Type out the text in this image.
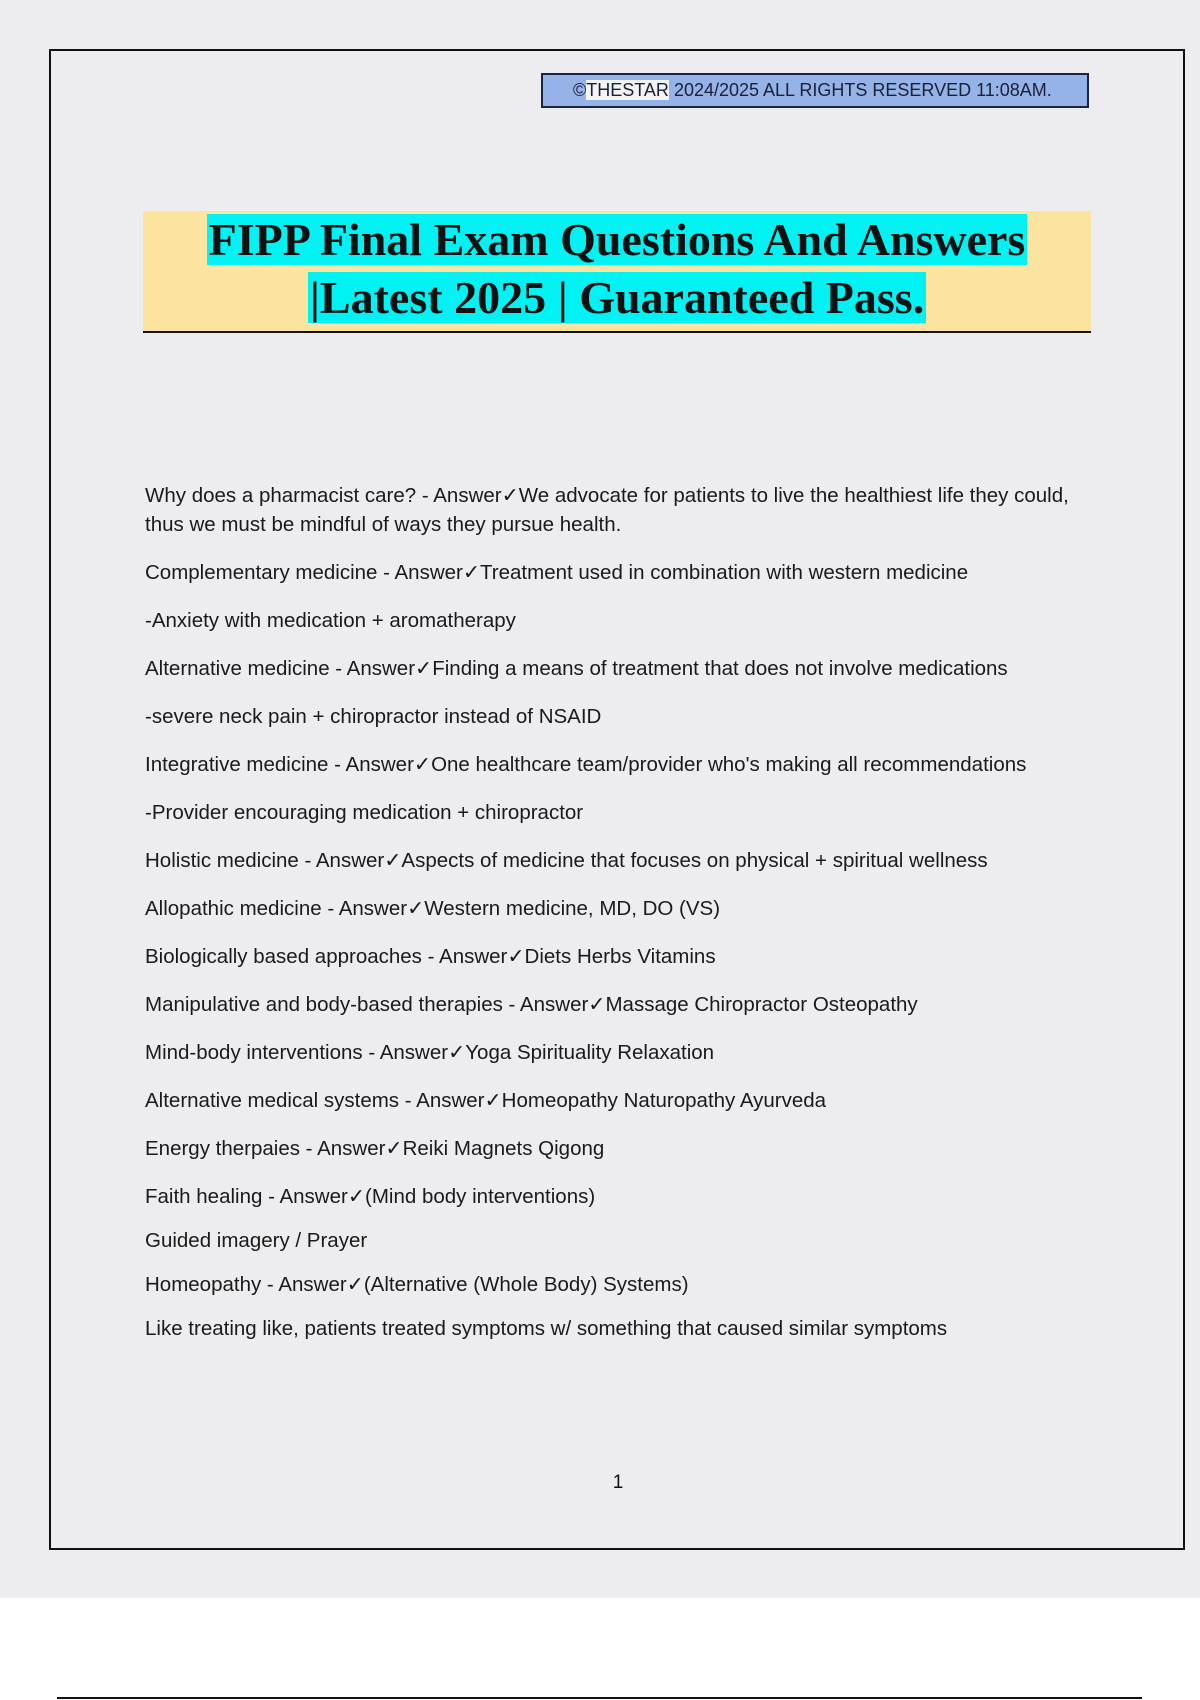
©THESTAR 2024/2025 ALL RIGHTS RESERVED 11:08AM.
FIPP Final Exam Questions And Answers
|Latest 2025 | Guaranteed Pass.

Why does a pharmacist care? - Answer✓We advocate for patients to live the healthiest life they could, thus we must be mindful of ways they pursue health.

Complementary medicine - Answer✓Treatment used in combination with western medicine

-Anxiety with medication + aromatherapy

Alternative medicine - Answer✓Finding a means of treatment that does not involve medications

-severe neck pain + chiropractor instead of NSAID

Integrative medicine - Answer✓One healthcare team/provider who's making all recommendations

-Provider encouraging medication + chiropractor

Holistic medicine - Answer✓Aspects of medicine that focuses on physical + spiritual wellness

Allopathic medicine - Answer✓Western medicine, MD, DO (VS)

Biologically based approaches - Answer✓Diets Herbs Vitamins

Manipulative and body-based therapies - Answer✓Massage Chiropractor Osteopathy

Mind-body interventions - Answer✓Yoga Spirituality Relaxation

Alternative medical systems - Answer✓Homeopathy Naturopathy Ayurveda

Energy therpaies - Answer✓Reiki Magnets Qigong

Faith healing - Answer✓(Mind body interventions)

Guided imagery / Prayer

Homeopathy - Answer✓(Alternative (Whole Body) Systems)

Like treating like, patients treated symptoms w/ something that caused similar symptoms

1
